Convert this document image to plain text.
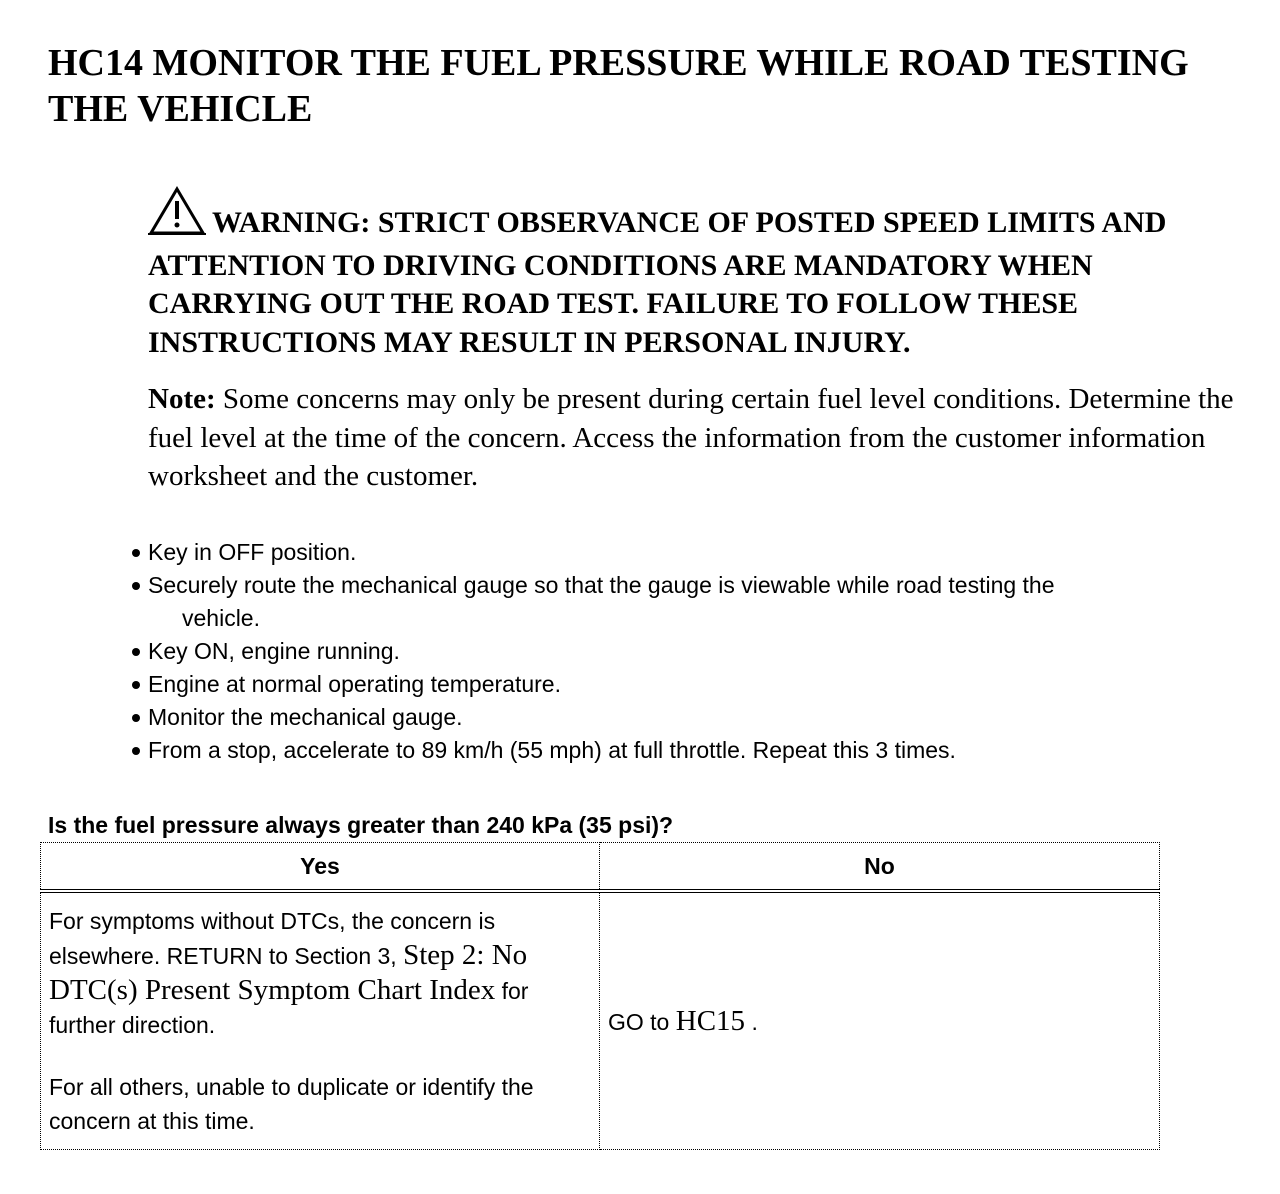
HC14 MONITOR THE FUEL PRESSURE WHILE ROAD TESTING THE VEHICLE
WARNING: STRICT OBSERVANCE OF POSTED SPEED LIMITS AND ATTENTION TO DRIVING CONDITIONS ARE MANDATORY WHEN CARRYING OUT THE ROAD TEST. FAILURE TO FOLLOW THESE INSTRUCTIONS MAY RESULT IN PERSONAL INJURY.
Note: Some concerns may only be present during certain fuel level conditions. Determine the fuel level at the time of the concern. Access the information from the customer information worksheet and the customer.
Key in OFF position.
Securely route the mechanical gauge so that the gauge is viewable while road testing the
vehicle.
Key ON, engine running.
Engine at normal operating temperature.
Monitor the mechanical gauge.
From a stop, accelerate to 89 km/h (55 mph) at full throttle. Repeat this 3 times.
Is the fuel pressure always greater than 240 kPa (35 psi)?
Yes	No

For symptoms without DTCs, the concern is elsewhere. RETURN to Section 3, Step 2: No DTC(s) Present Symptom Chart Index for further direction.

For all others, unable to duplicate or identify the concern at this time.	GO to HC15 .
